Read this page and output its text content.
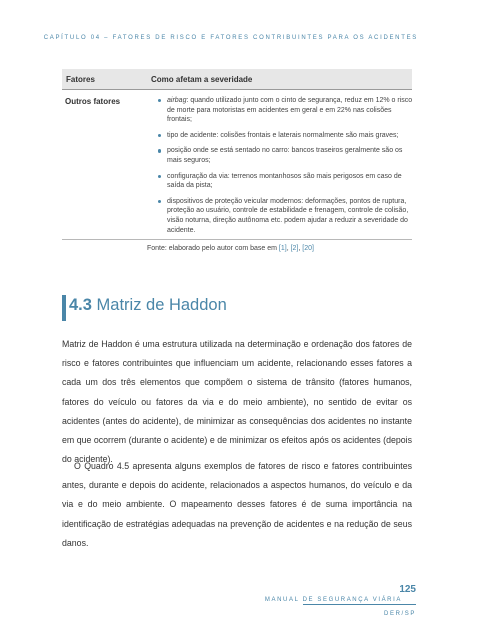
CAPÍTULO 04 – FATORES DE RISCO E FATORES CONTRIBUINTES PARA OS ACIDENTES
Fatores	Como afetam a severidade
Outros fatores	airbag: quando utilizado junto com o cinto de segurança, reduz em 12% o risco de morte para motoristas em acidentes em geral e em 22% nas colisões frontais;
tipo de acidente: colisões frontais e laterais normalmente são mais graves;
posição onde se está sentado no carro: bancos traseiros geralmente são os mais seguros;
configuração da via: terrenos montanhosos são mais perigosos em caso de saída da pista;
dispositivos de proteção veicular modernos: deformações, pontos de ruptura, proteção ao usuário, controle de estabilidade e frenagem, controle de colisão, visão noturna, direção autônoma etc. podem ajudar a reduzir a severidade do acidente.
Fonte: elaborado pelo autor com base em [1], [2], [20]
4.3 Matriz de Haddon

Matriz de Haddon é uma estrutura utilizada na determinação e ordenação dos fatores de risco e fatores contribuintes que influenciam um acidente, relacionando esses fatores a cada um dos três elementos que compõem o sistema de trânsito (fatores humanos, fatores do veículo ou fatores da via e do meio ambiente), no sentido de evitar os acidentes (antes do acidente), de minimizar as consequências dos acidentes no instante em que ocorrem (durante o acidente) e de minimizar os efeitos após os acidentes (depois do acidente).

O Quadro 4.5 apresenta alguns exemplos de fatores de risco e fatores contribuintes antes, durante e depois do acidente, relacionados a aspectos humanos, do veículo e da via e do meio ambiente. O mapeamento desses fatores é de suma importância na identificação de estratégias adequadas na prevenção de acidentes e na redução de seus danos.

125
MANUAL DE SEGURANÇA VIÁRIA
DER/SP
